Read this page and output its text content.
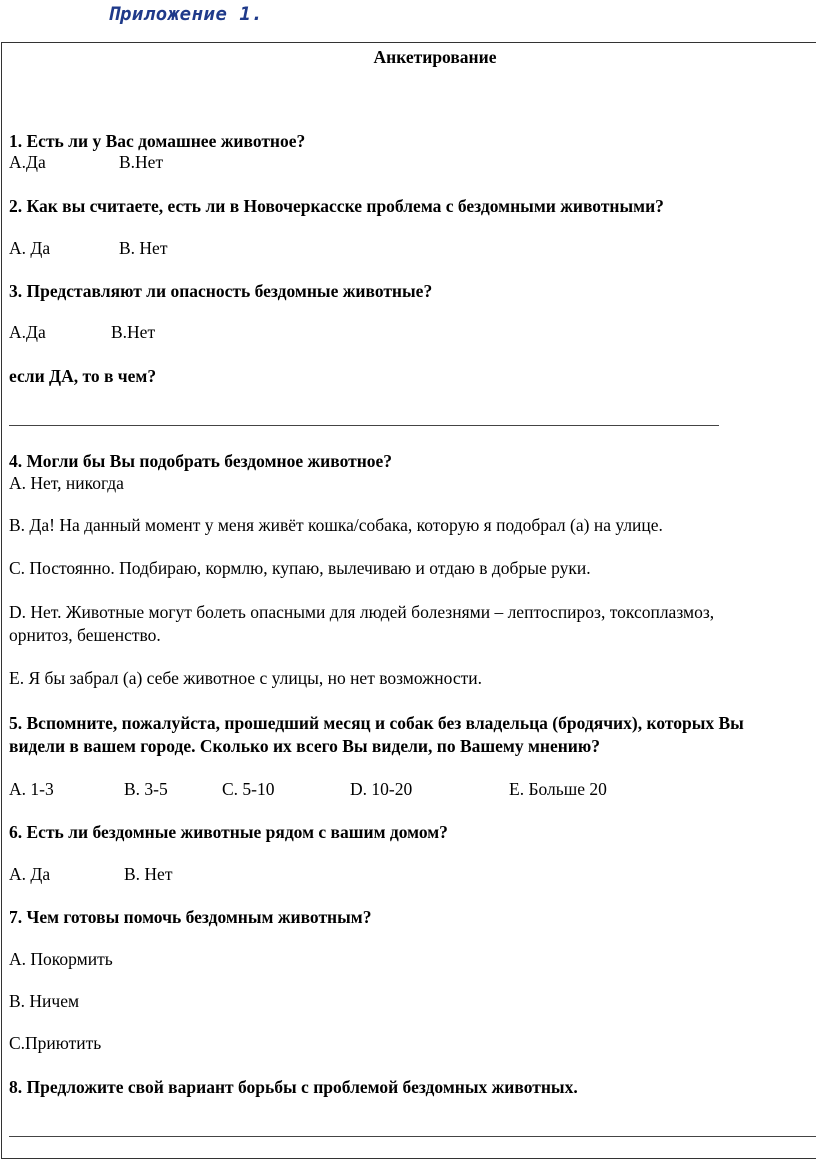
Приложение 1.
Анкетирование
1. Есть ли у Вас домашнее животное?
А.Да	В.Нет
2. Как вы считаете, есть ли в Новочеркасске проблема с бездомными животными?
А. Да	В. Нет
3. Представляют ли опасность бездомные животные?
А.Да	В.Нет
если ДА, то в чем?
4. Могли бы Вы подобрать бездомное животное?
А. Нет, никогда
В. Да! На данный момент у меня живёт кошка/собака, которую я подобрал (а) на улице.
С. Постоянно. Подбираю, кормлю, купаю, вылечиваю и отдаю в добрые руки.
D. Нет. Животные могут болеть опасными для людей болезнями – лептоспироз, токсоплазмоз,
орнитоз, бешенство.
Е. Я бы забрал (а) себе животное с улицы, но нет возможности.
5. Вспомните, пожалуйста, прошедший месяц и собак без владельца (бродячих), которых Вы
видели в вашем городе. Сколько их всего Вы видели, по Вашему мнению?
А. 1-3	В. 3-5	С. 5-10	D. 10-20	Е. Больше 20
6. Есть ли бездомные животные рядом с вашим домом?
А. Да	В. Нет
7. Чем готовы помочь бездомным животным?
А. Покормить
В. Ничем
С.Приютить
8. Предложите свой вариант борьбы с проблемой бездомных животных.
